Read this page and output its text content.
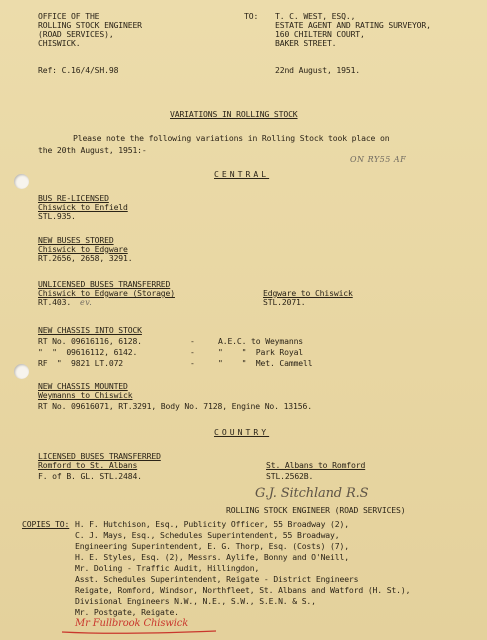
OFFICE OF THE
ROLLING STOCK ENGINEER
(ROAD SERVICES),
CHISWICK.
TO: T. C. WEST, ESQ.,
ESTATE AGENT AND RATING SURVEYOR,
160 CHILTERN COURT,
BAKER STREET.
Ref: C.16/4/SH.98	22nd August, 1951.
VARIATIONS IN ROLLING STOCK
Please note the following variations in Rolling Stock took place on
the 20th August, 1951:-
ON RY55 AF
CENTRAL
BUS RE-LICENSED
Chiswick to Enfield
STL.935.
NEW BUSES STORED
Chiswick to Edgware
RT.2656, 2658, 3291.
UNLICENSED BUSES TRANSFERRED
Chiswick to Edgware (Storage)
RT.403. ev.
Edgware to Chiswick
STL.2071.
NEW CHASSIS INTO STOCK
RT No. 09616116, 6128.	-	A.E.C. to Weymanns
"  "  09616112, 6142.	-	"    "  Park Royal
RF  "  9821 LT.072	-	"    "  Met. Cammell
NEW CHASSIS MOUNTED
Weymanns to Chiswick
RT No. 09616071, RT.3291, Body No. 7128, Engine No. 13156.
COUNTRY
LICENSED BUSES TRANSFERRED
Romford to St. Albans
F. of B. GL. STL.2484.
St. Albans to Romford
STL.2562B.
G.J. Sitchland R.S
ROLLING STOCK ENGINEER (ROAD SERVICES)
COPIES TO: H. F. Hutchison, Esq., Publicity Officer, 55 Broadway (2),
C. J. Mays, Esq., Schedules Superintendent, 55 Broadway,
Engineering Superintendent, E. G. Thorp, Esq. (Costs) (7),
H. E. Styles, Esq. (2), Messrs. Aylife, Bonny and O'Neill,
Mr. Doling - Traffic Audit, Hillingdon,
Asst. Schedules Superintendent, Reigate - District Engineers
Reigate, Romford, Windsor, Northfleet, St. Albans and Watford (H. St.),
Divisional Engineers N.W., N.E., S.W., S.E.N. & S.,
Mr. Postgate, Reigate.
Mr Fullbrook Chiswick
